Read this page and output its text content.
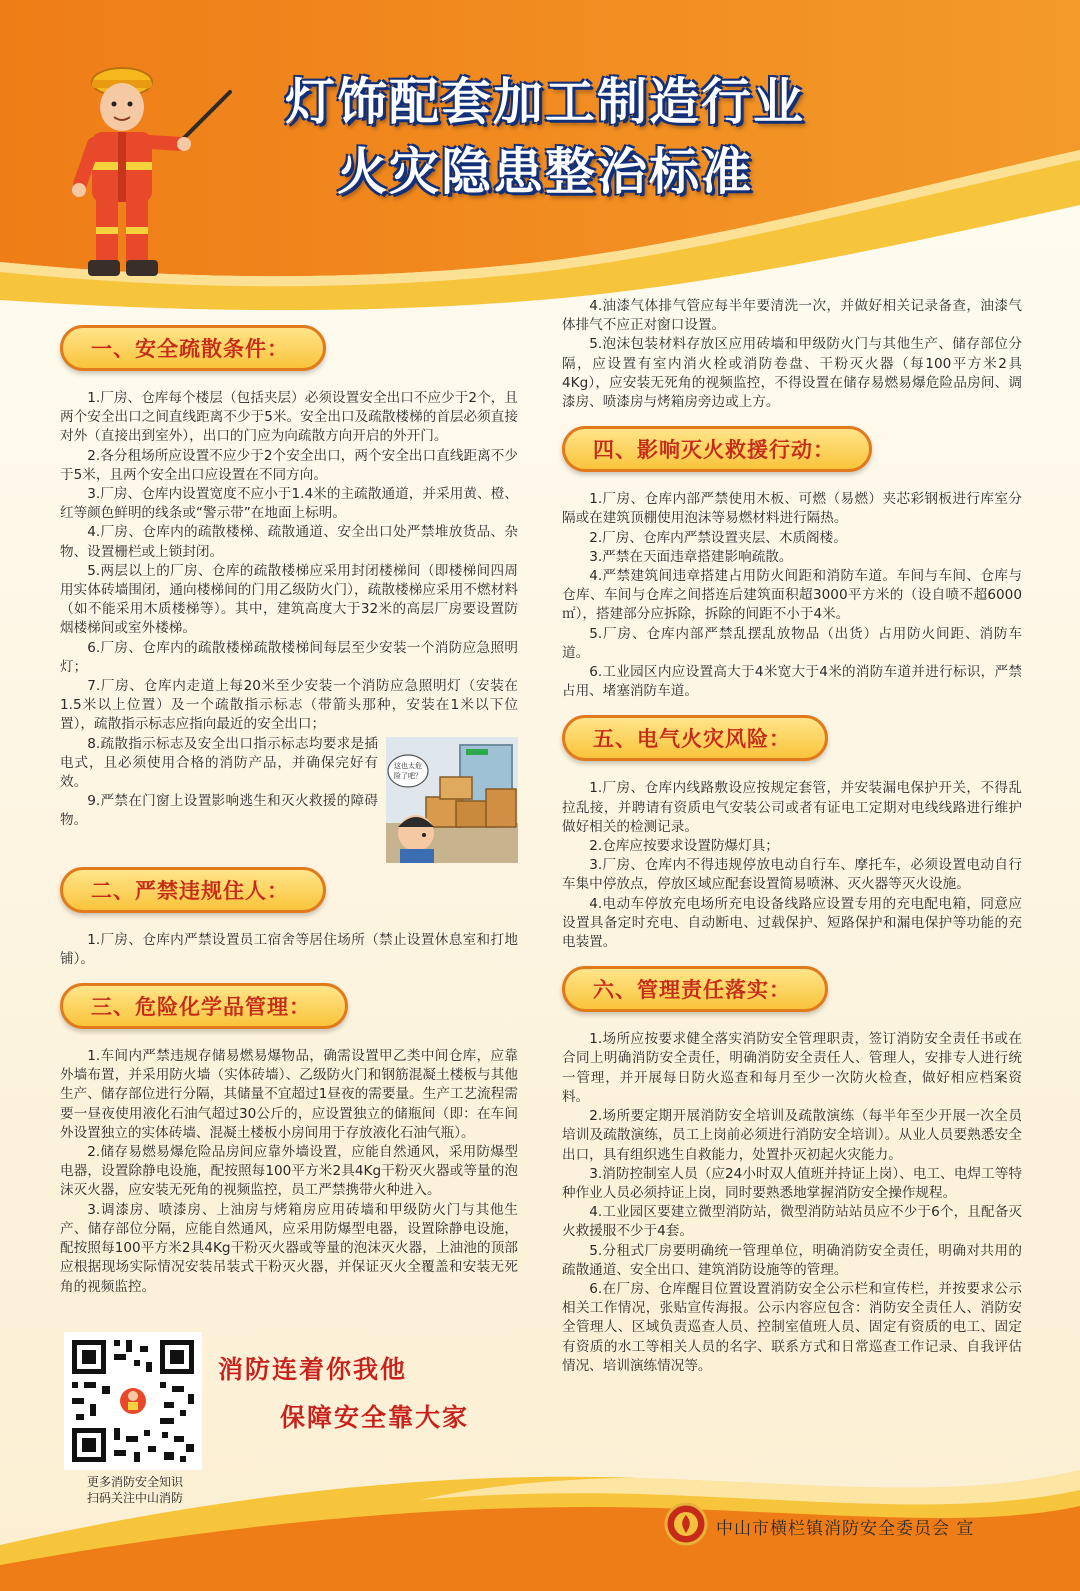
灯饰配套加工制造行业
火灾隐患整治标准
一、安全疏散条件：

1.厂房、仓库每个楼层（包括夹层）必须设置安全出口不应少于2个，且两个安全出口之间直线距离不少于5米。安全出口及疏散楼梯的首层必须直接对外（直接出到室外），出口的门应为向疏散方向开启的外开门。

2.各分租场所应设置不应少于2个安全出口，两个安全出口直线距离不少于5米，且两个安全出口应设置在不同方向。

3.厂房、仓库内设置宽度不应小于1.4米的主疏散通道，并采用黄、橙、红等颜色鲜明的线条或“警示带”在地面上标明。

4.厂房、仓库内的疏散楼梯、疏散通道、安全出口处严禁堆放货品、杂物、设置栅栏或上锁封闭。

5.两层以上的厂房、仓库的疏散楼梯应采用封闭楼梯间（即楼梯间四周用实体砖墙围闭，通向楼梯间的门用乙级防火门），疏散楼梯应采用不燃材料（如不能采用木质楼梯等）。其中，建筑高度大于32米的高层厂房要设置防烟楼梯间或室外楼梯。

6.厂房、仓库内的疏散楼梯疏散楼梯间每层至少安装一个消防应急照明灯；

7.厂房、仓库内走道上每20米至少安装一个消防应急照明灯（安装在1.5米以上位置）及一个疏散指示标志（带箭头那种，安装在1米以下位置），疏散指示标志应指向最近的安全出口；

这也太危
险了吧？

8.疏散指示标志及安全出口指示标志均要求是插电式，且必须使用合格的消防产品，并确保完好有效。

9.严禁在门窗上设置影响逃生和灭火救援的障碍物。

二、严禁违规住人：

1.厂房、仓库内严禁设置员工宿舍等居住场所（禁止设置休息室和打地铺）。

三、危险化学品管理：

1.车间内严禁违规存储易燃易爆物品，确需设置甲乙类中间仓库，应靠外墙布置，并采用防火墙（实体砖墙）、乙级防火门和钢筋混凝土楼板与其他生产、储存部位进行分隔，其储量不宜超过1昼夜的需要量。生产工艺流程需要一昼夜使用液化石油气超过30公斤的，应设置独立的储瓶间（即：在车间外设置独立的实体砖墙、混凝土楼板小房间用于存放液化石油气瓶）。

2.储存易燃易爆危险品房间应靠外墙设置，应能自然通风，采用防爆型电器，设置除静电设施，配按照每100平方米2具4Kg干粉灭火器或等量的泡沫灭火器，应安装无死角的视频监控，员工严禁携带火种进入。

3.调漆房、喷漆房、上油房与烤箱房应用砖墙和甲级防火门与其他生产、储存部位分隔，应能自然通风，应采用防爆型电器，设置除静电设施，配按照每100平方米2具4Kg干粉灭火器或等量的泡沫灭火器，上油池的顶部应根据现场实际情况安装吊装式干粉灭火器，并保证灭火全覆盖和安装无死角的视频监控。

4.油漆气体排气管应每半年要清洗一次，并做好相关记录备查，油漆气体排气不应正对窗口设置。

5.泡沫包装材料存放区应用砖墙和甲级防火门与其他生产、储存部位分隔，应设置有室内消火栓或消防卷盘、干粉灭火器（每100平方米2具4Kg），应安装无死角的视频监控，不得设置在储存易燃易爆危险品房间、调漆房、喷漆房与烤箱房旁边或上方。

四、影响灭火救援行动：

1.厂房、仓库内部严禁使用木板、可燃（易燃）夹芯彩钢板进行库室分隔或在建筑顶棚使用泡沫等易燃材料进行隔热。

2.厂房、仓库内严禁设置夹层、木质阁楼。

3.严禁在天面违章搭建影响疏散。

4.严禁建筑间违章搭建占用防火间距和消防车道。车间与车间、仓库与仓库、车间与仓库之间搭连后建筑面积超3000平方米的（设自喷不超6000㎡），搭建部分应拆除，拆除的间距不小于4米。

5.厂房、仓库内部严禁乱摆乱放物品（出货）占用防火间距、消防车道。

6.工业园区内应设置高大于4米宽大于4米的消防车道并进行标识，严禁占用、堵塞消防车道。

五、电气火灾风险：

1.厂房、仓库内线路敷设应按规定套管，并安装漏电保护开关，不得乱拉乱接，并聘请有资质电气安装公司或者有证电工定期对电线线路进行维护做好相关的检测记录。

2.仓库应按要求设置防爆灯具；

3.厂房、仓库内不得违规停放电动自行车、摩托车，必须设置电动自行车集中停放点，停放区域应配套设置简易喷淋、灭火器等灭火设施。

4.电动车停放充电场所充电设备线路应设置专用的充电配电箱，同意应设置具备定时充电、自动断电、过载保护、短路保护和漏电保护等功能的充电装置。

六、管理责任落实：

1.场所应按要求健全落实消防安全管理职责，签订消防安全责任书或在合同上明确消防安全责任，明确消防安全责任人、管理人，安排专人进行统一管理，并开展每日防火巡查和每月至少一次防火检查，做好相应档案资料。

2.场所要定期开展消防安全培训及疏散演练（每半年至少开展一次全员培训及疏散演练，员工上岗前必须进行消防安全培训）。从业人员要熟悉安全出口，具有组织逃生自救能力，处置扑灭初起火灾能力。

3.消防控制室人员（应24小时双人值班并持证上岗）、电工、电焊工等特种作业人员必须持证上岗，同时要熟悉地掌握消防安全操作规程。

4.工业园区要建立微型消防站，微型消防站站员应不少于6个，且配备灭火救援服不少于4套。

5.分租式厂房要明确统一管理单位，明确消防安全责任，明确对共用的疏散通道、安全出口、建筑消防设施等的管理。

6.在厂房、仓库醒目位置设置消防安全公示栏和宣传栏，并按要求公示相关工作情况，张贴宣传海报。公示内容应包含：消防安全责任人、消防安全管理人、区域负责巡查人员、控制室值班人员、固定有资质的电工、固定有资质的水工等相关人员的名字、联系方式和日常巡查工作记录、自我评估情况、培训演练情况等。

更多消防安全知识
扫码关注中山消防
消防连着你我他
保障安全靠大家
中山市横栏镇消防安全委员会 宣
